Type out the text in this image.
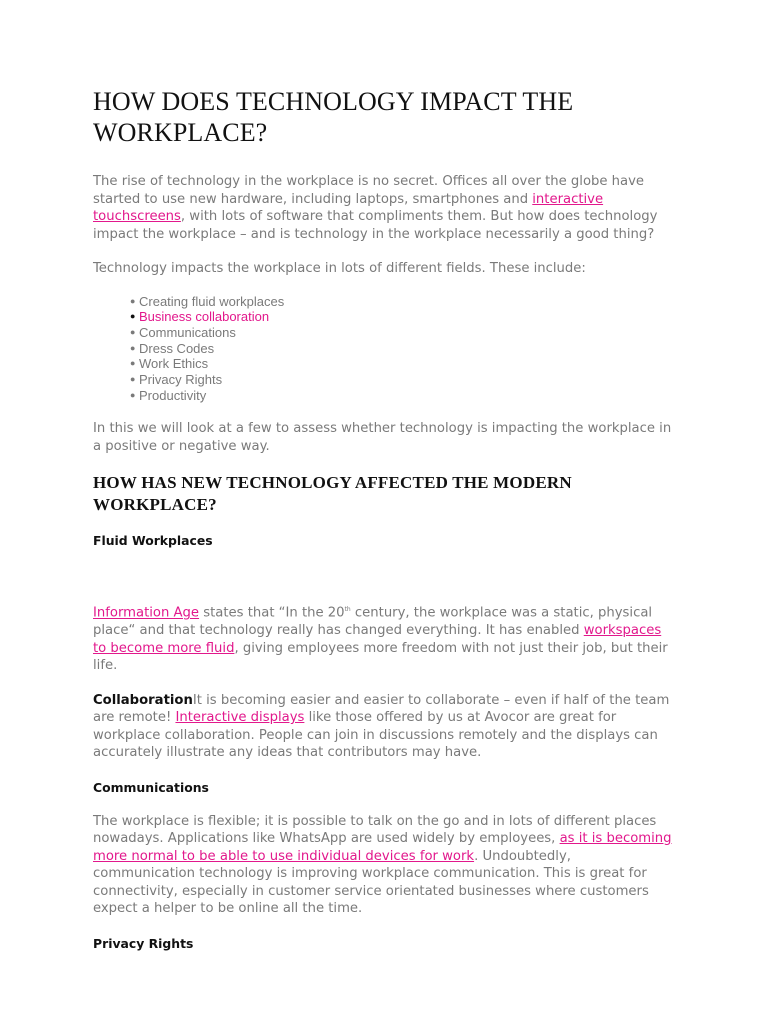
HOW DOES TECHNOLOGY IMPACT THE WORKPLACE?

The rise of technology in the workplace is no secret. Offices all over the globe have started to use new hardware, including laptops, smartphones and interactive touchscreens, with lots of software that compliments them. But how does technology impact the workplace – and is technology in the workplace necessarily a good thing?

Technology impacts the workplace in lots of different fields. These include:

● Creating fluid workplaces
● Business collaboration
● Communications
● Dress Codes
● Work Ethics
● Privacy Rights
● Productivity

In this we will look at a few to assess whether technology is impacting the workplace in a positive or negative way.

HOW HAS NEW TECHNOLOGY AFFECTED THE MODERN WORKPLACE?

Fluid Workplaces

Information Age states that “In the 20th century, the workplace was a static, physical place“ and that technology really has changed everything. It has enabled workspaces to become more fluid, giving employees more freedom with not just their job, but their life.

CollaborationIt is becoming easier and easier to collaborate – even if half of the team are remote! Interactive displays like those offered by us at Avocor are great for workplace collaboration. People can join in discussions remotely and the displays can accurately illustrate any ideas that contributors may have.

Communications

The workplace is flexible; it is possible to talk on the go and in lots of different places nowadays. Applications like WhatsApp are used widely by employees, as it is becoming more normal to be able to use individual devices for work. Undoubtedly, communication technology is improving workplace communication. This is great for connectivity, especially in customer service orientated businesses where customers expect a helper to be online all the time.

Privacy Rights
